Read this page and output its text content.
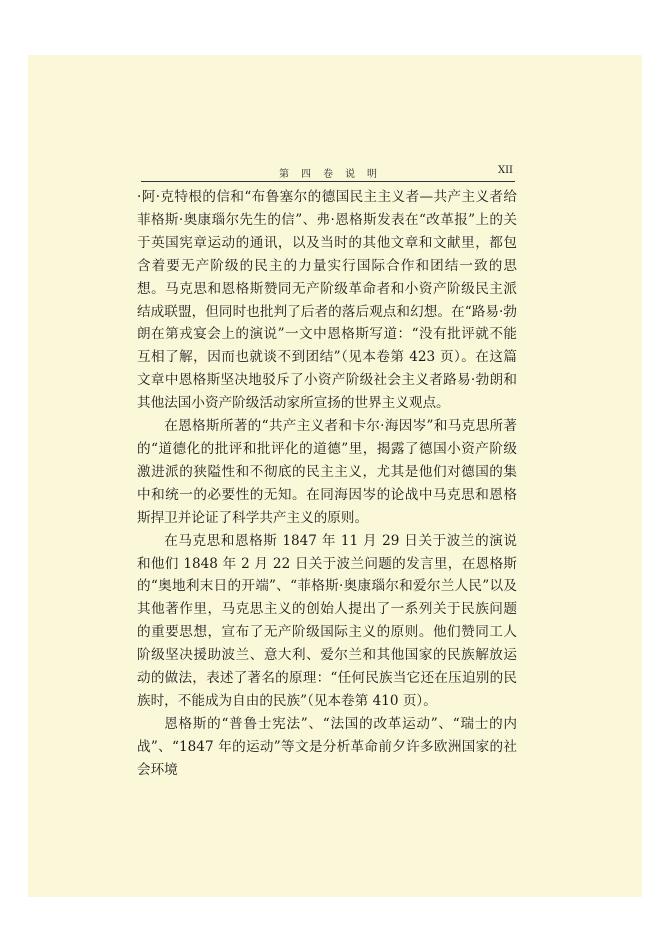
第四卷说明	XII

·阿·克特根的信和“布鲁塞尔的德国民主主义者—共产主义者给菲格斯·奥康瑙尔先生的信”、弗·恩格斯发表在“改革报”上的关于英国宪章运动的通讯，以及当时的其他文章和文献里，都包含着要无产阶级的民主的力量实行国际合作和团结一致的思想。马克思和恩格斯赞同无产阶级革命者和小资产阶级民主派结成联盟，但同时也批判了后者的落后观点和幻想。在“路易·勃朗在第戎宴会上的演说”一文中恩格斯写道：“没有批评就不能互相了解，因而也就谈不到团结”（见本卷第 423 页）。在这篇文章中恩格斯坚决地驳斥了小资产阶级社会主义者路易·勃朗和其他法国小资产阶级活动家所宣扬的世界主义观点。

在恩格斯所著的“共产主义者和卡尔·海因岑”和马克思所著的“道德化的批评和批评化的道德”里，揭露了德国小资产阶级激进派的狭隘性和不彻底的民主主义，尤其是他们对德国的集中和统一的必要性的无知。在同海因岑的论战中马克思和恩格斯捍卫并论证了科学共产主义的原则。

在马克思和恩格斯 1847 年 11 月 29 日关于波兰的演说和他们 1848 年 2 月 22 日关于波兰问题的发言里，在恩格斯的“奥地利末日的开端”、“菲格斯·奥康瑙尔和爱尔兰人民”以及其他著作里，马克思主义的创始人提出了一系列关于民族问题的重要思想，宣布了无产阶级国际主义的原则。他们赞同工人阶级坚决援助波兰、意大利、爱尔兰和其他国家的民族解放运动的做法，表述了著名的原理：“任何民族当它还在压迫别的民族时，不能成为自由的民族”（见本卷第 410 页）。

恩格斯的“普鲁士宪法”、“法国的改革运动”、“瑞士的内战”、“1847 年的运动”等文是分析革命前夕许多欧洲国家的社会环境
